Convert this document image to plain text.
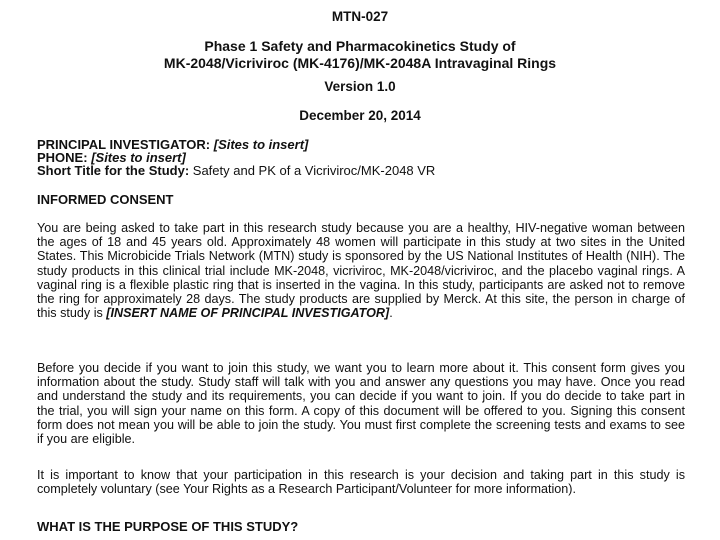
MTN-027
Phase 1 Safety and Pharmacokinetics Study of
MK-2048/Vicriviroc (MK-4176)/MK-2048A Intravaginal Rings
Version 1.0
December 20, 2014
PRINCIPAL INVESTIGATOR: [Sites to insert]
PHONE: [Sites to insert]
Short Title for the Study: Safety and PK of a Vicriviroc/MK-2048 VR
INFORMED CONSENT
You are being asked to take part in this research study because you are a healthy, HIV-negative woman between the ages of 18 and 45 years old. Approximately 48 women will participate in this study at two sites in the United States. This Microbicide Trials Network (MTN) study is sponsored by the US National Institutes of Health (NIH). The study products in this clinical trial include MK-2048, vicriviroc, MK-2048/vicriviroc, and the placebo vaginal rings. A vaginal ring is a flexible plastic ring that is inserted in the vagina. In this study, participants are asked not to remove the ring for approximately 28 days. The study products are supplied by Merck. At this site, the person in charge of this study is [INSERT NAME OF PRINCIPAL INVESTIGATOR].
Before you decide if you want to join this study, we want you to learn more about it. This consent form gives you information about the study. Study staff will talk with you and answer any questions you may have. Once you read and understand the study and its requirements, you can decide if you want to join. If you do decide to take part in the trial, you will sign your name on this form. A copy of this document will be offered to you. Signing this consent form does not mean you will be able to join the study. You must first complete the screening tests and exams to see if you are eligible.
It is important to know that your participation in this research is your decision and taking part in this study is completely voluntary (see Your Rights as a Research Participant/Volunteer for more information).
WHAT IS THE PURPOSE OF THIS STUDY?
